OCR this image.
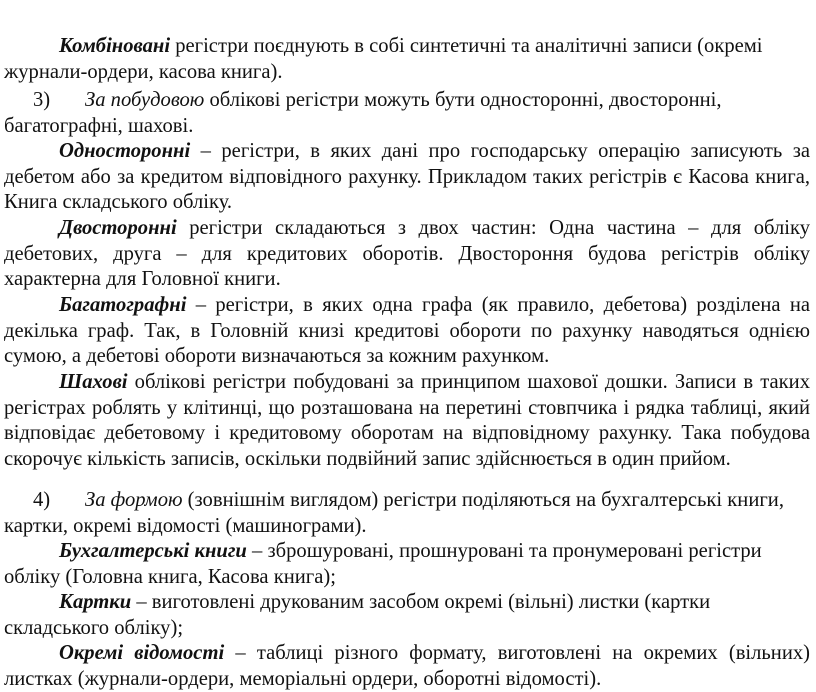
Комбіновані регістри поєднують в собі синтетичні та аналітичні записи (окремі журнали-ордери, касова книга).

3) За побудовою облікові регістри можуть бути односторонні, двосторонні, багатографні, шахові.

Односторонні – регістри, в яких дані про господарську операцію записують за дебетом або за кредитом відповідного рахунку. Прикладом таких регістрів є Касова книга, Книга складського обліку.

Двосторонні регістри складаються з двох частин: Одна частина – для обліку дебетових, друга – для кредитових оборотів. Двостороння будова регістрів обліку характерна для Головної книги.

Багатографні – регістри, в яких одна графа (як правило, дебетова) розділена на декілька граф. Так, в Головній книзі кредитові обороти по рахунку наводяться однією сумою, а дебетові обороти визначаються за кожним рахунком.

Шахові облікові регістри побудовані за принципом шахової дошки. Записи в таких регістрах роблять у клітинці, що розташована на перетині стовпчика і рядка таблиці, який відповідає дебетовому і кредитовому оборотам на відповідному рахунку. Така побудова скорочує кількість записів, оскільки подвійний запис здійснюється в один прийом.

4) За формою (зовнішнім виглядом) регістри поділяються на бухгалтерські книги, картки, окремі відомості (машинограми).

Бухгалтерські книги – зброшуровані, прошнуровані та пронумеровані регістри обліку (Головна книга, Касова книга);

Картки – виготовлені друкованим засобом окремі (вільні) листки (картки складського обліку);

Окремі відомості – таблиці різного формату, виготовлені на окремих (вільних) листках (журнали-ордери, меморіальні ордери, оборотні відомості).
